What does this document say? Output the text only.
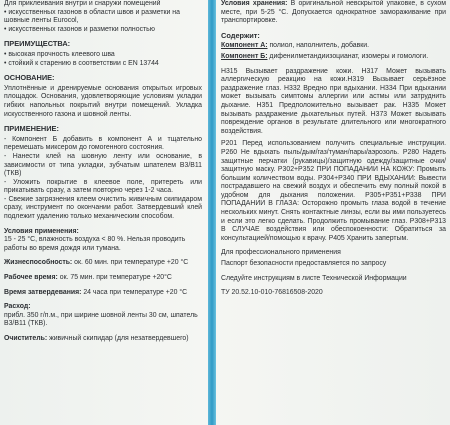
Для приклеивания внутри и снаружи помещений
• искусственных газонов в области швов и разметки на шовные ленты Eurocol,
• искусственных газонов и разметки полностью

ПРЕИМУЩЕСТВА:

• высокая прочность клеевого шва
• стойкий к старению в соответствии с EN 13744

ОСНОВАНИЕ:

Уплотнённые и дренируемые основания открытых игровых площадок. Основания, удовлетворяющие условиям укладки гибких напольных покрытий внутри помещений. Укладка искусственного газона и шовной ленты.

ПРИМЕНЕНИЕ:

- Компонент Б добавить в компонент А и тщательно перемешать миксером до гомогенного состояния.
- Нанести клей на шовную ленту или основание, в зависимости от типа укладки, зубчатым шпателем В3/В11 (ТКВ)
- Уложить покрытие в клеевое поле, притереть или прикатывать сразу, а затем повторно через 1-2 часа.
- Свежие загрязнения клеем очистить живичным скипидаром сразу, инструмент по окончании работ. Затвердевший клей подлежит удалению только механическим способом.

Условия применения:
15 - 25 °С, влажность воздуха < 80 %. Нельзя проводить работы во время дождя или тумана.
Жизнеспособность: ок. 60 мин. при температуре +20 °С
Рабочее время: ок. 75 мин. при температуре +20°С
Время затвердевания: 24 часа при температуре +20 °С
Расход:
прибл. 350 г/п.м., при ширине шовной ленты 30 см, шпатель В3/В11 (ТКВ).
Очиститель: живичный скипидар (для незатвердевшего)

Условия хранения: В оригинальной невскрытой упаковке, в сухом месте, при 5-25 °С. Допускается однократное замораживание при транспортировке.

Содержит:

Компонент А: полиол, наполнитель, добавки.

Компонент Б: дифенилметандиизоцианат, изомеры и гомологи.

Н315 Вызывает раздражение кожи. Н317 Может вызывать аллергическую реакцию на кожи.Н319 Вызывает серьёзное раздражение глаз. Н332 Вредно при вдыхании. Н334 При вдыхании может вызывать симптомы аллергии или астмы или затруднить дыхание. Н351 Предположительно вызывает рак. Н335 Может вызывать раздражение дыхательных путей. Н373 Может вызывать повреждение органов в результате длительного или многократного воздействия.

Р201 Перед использованием получить специальные инструкции. Р260 Не вдыхать пыль/дым/газ/туман/пары/аэрозоль. Р280 Надеть защитные перчатки (рукавицы)/защитную одежду/защитные очки/защитную маску. Р302+Р352 ПРИ ПОПАДАНИИ НА КОЖУ: Промыть большим количеством воды. Р304+Р340 ПРИ ВДЫХАНИИ: Вывести пострадавшего на свежий воздух и обеспечить ему полный покой в удобном для дыхания положении. Р305+Р351+Р338 ПРИ ПОПАДАНИИ В ГЛАЗА: Осторожно промыть глаза водой в течение нескольких минут. Снять контактные линзы, если вы ими пользуетесь и если это легко сделать. Продолжить промывание глаз. Р308+Р313 В СЛУЧАЕ воздействия или обеспокоенности: Обратиться за консультацией/помощью к врачу. Р405 Хранить запертым.

Для профессионального применения

Паспорт безопасности предоставляется по запросу

Следуйте инструкциям в листе Технической Информации

ТУ 20.52.10-010-76816508-2020
